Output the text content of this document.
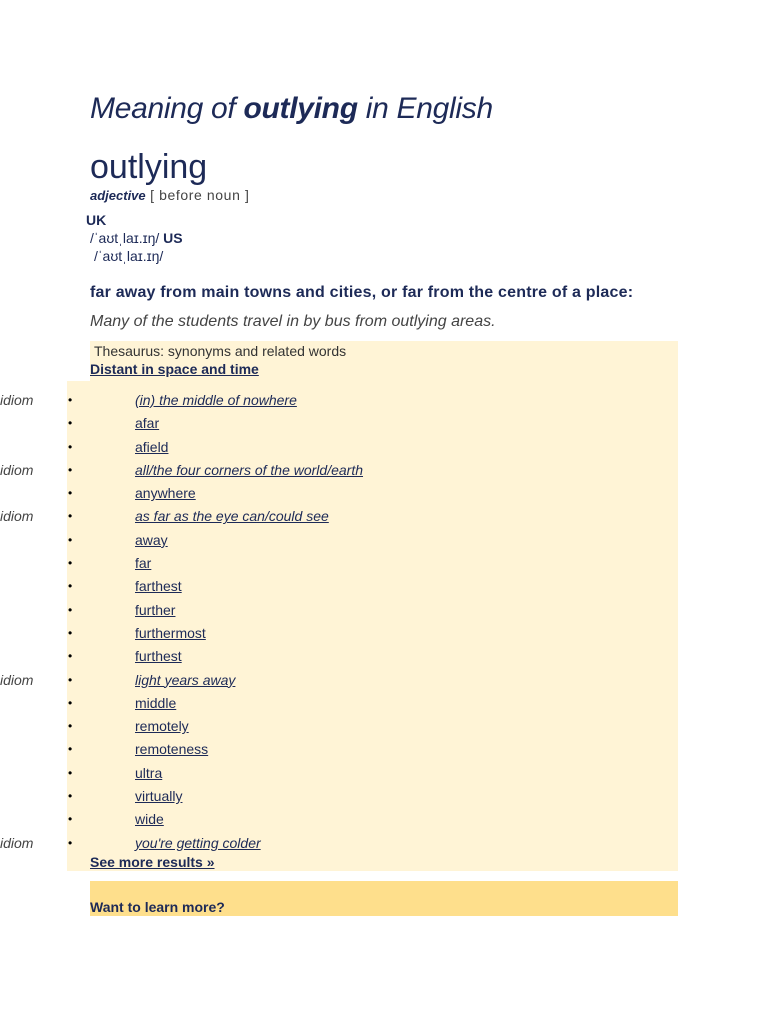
Meaning of outlying in English
outlying
adjective [ before noun ]
UK
/ˈaʊtˌlaɪ.ɪŋ/ US
/ˈaʊtˌlaɪ.ɪŋ/
far away from main towns and cities, or far from the centre of a place:
Many of the students travel in by bus from outlying areas.
Thesaurus: synonyms and related words
Distant in space and time
•	(in) the middle of nowhere
idiom
•	afar
•	afield
•	all/the four corners of the world/earth
idiom
•	anywhere
•	as far as the eye can/could see
idiom
•	away
•	far
•	farthest
•	further
•	furthermost
•	furthest
•	light years away
idiom
•	middle
•	remotely
•	remoteness
•	ultra
•	virtually
•	wide
•	you're getting colder
idiom
See more results »
Want to learn more?
